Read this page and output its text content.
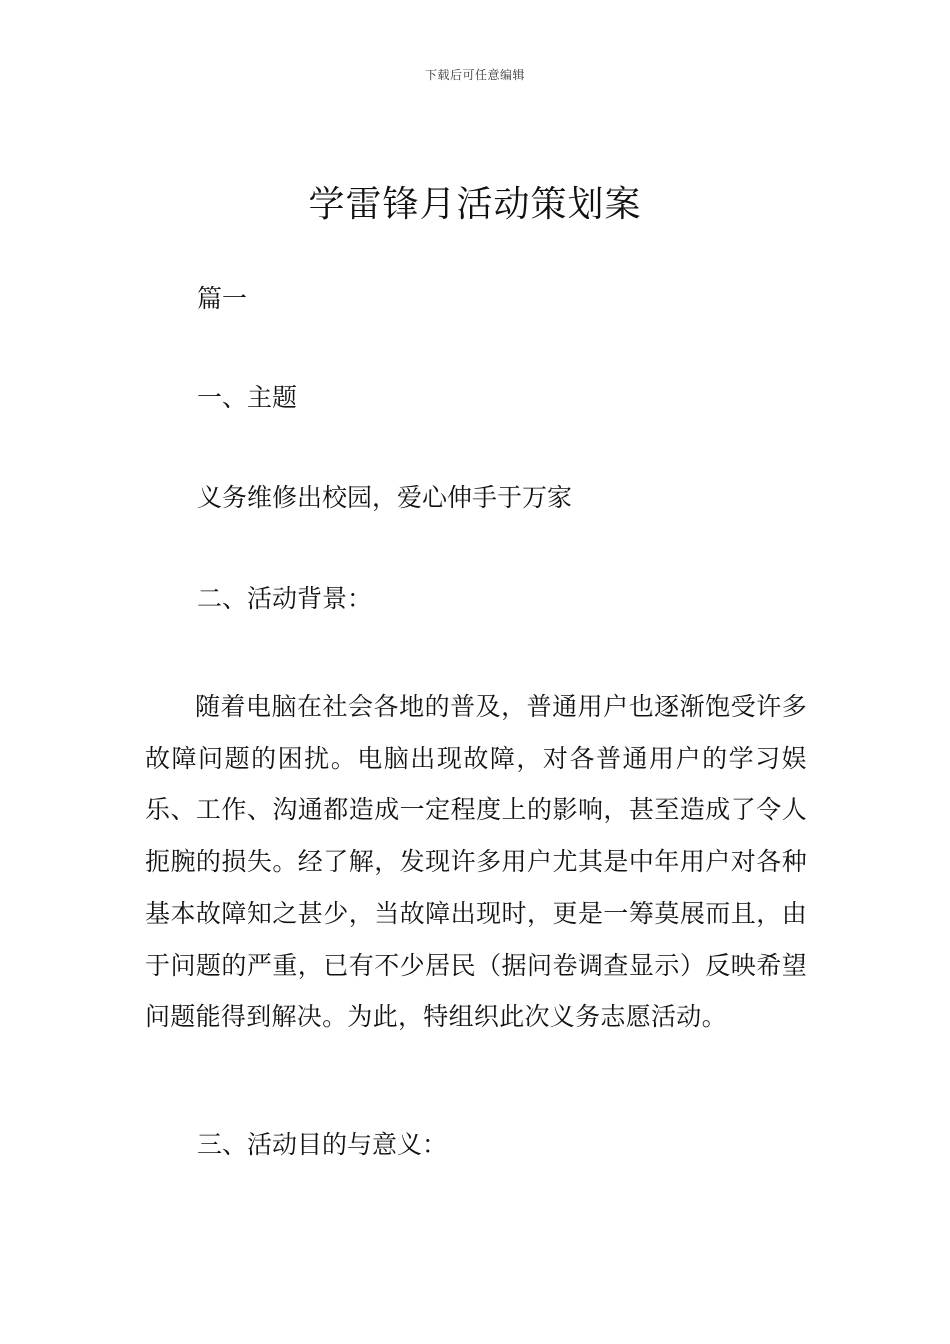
下载后可任意编辑
学雷锋月活动策划案
篇一
一、主题
义务维修出校园，爱心伸手于万家
二、活动背景：

随着电脑在社会各地的普及，普通用户也逐渐饱受许多故障问题的困扰。电脑出现故障，对各普通用户的学习娱乐、工作、沟通都造成一定程度上的影响，甚至造成了令人扼腕的损失。经了解，发现许多用户尤其是中年用户对各种基本故障知之甚少，当故障出现时，更是一筹莫展而且，由于问题的严重，已有不少居民（据问卷调查显示）反映希望问题能得到解决。为此，特组织此次义务志愿活动。

三、活动目的与意义：
